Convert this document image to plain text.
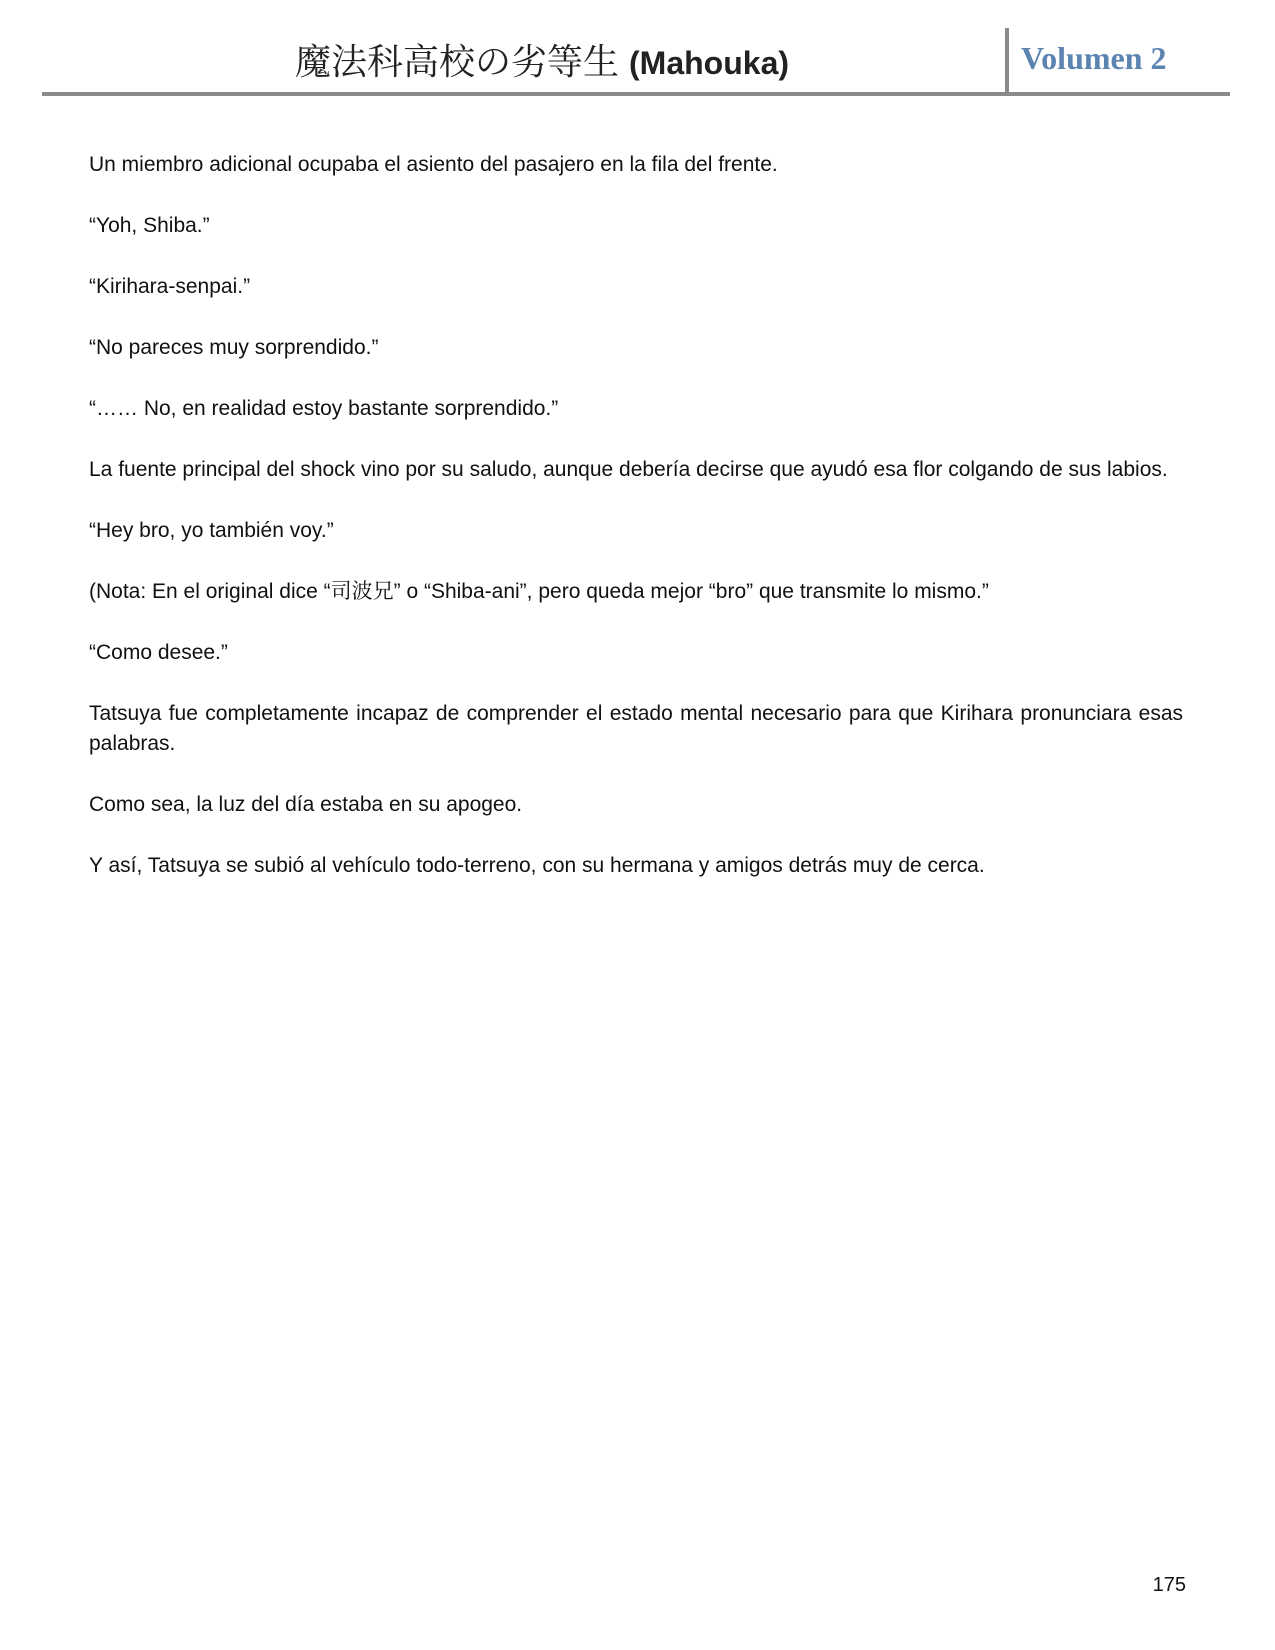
魔法科高校の劣等生 (Mahouka)	Volumen 2

Un miembro adicional ocupaba el asiento del pasajero en la fila del frente.

“Yoh, Shiba.”

“Kirihara-senpai.”

“No pareces muy sorprendido.”

“…… No, en realidad estoy bastante sorprendido.”

La fuente principal del shock vino por su saludo, aunque debería decirse que ayudó esa flor colgando de sus labios.

“Hey bro, yo también voy.”

(Nota: En el original dice “司波兄” o “Shiba-ani”, pero queda mejor “bro” que transmite lo mismo.”

“Como desee.”

Tatsuya fue completamente incapaz de comprender el estado mental necesario para que Kirihara pronunciara esas palabras.

Como sea, la luz del día estaba en su apogeo.

Y así, Tatsuya se subió al vehículo todo-terreno, con su hermana y amigos detrás muy de cerca.

175
